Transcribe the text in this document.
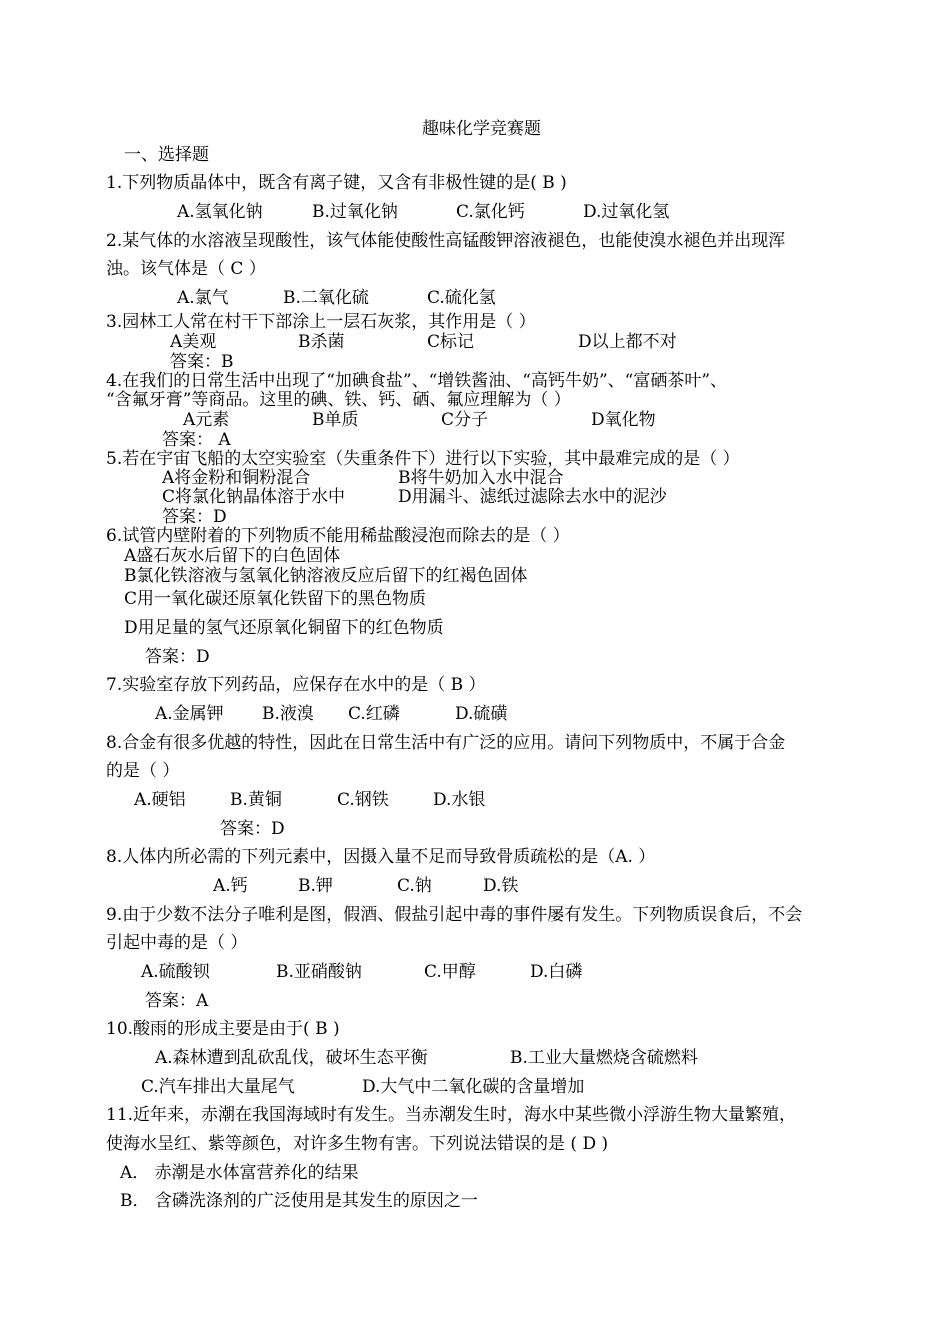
趣味化学竞赛题
一、选择题
1.下列物质晶体中，既含有离子键，又含有非极性键的是( B )
A.氢氧化钠	B.过氧化钠	C.氯化钙	D.过氧化氢
2.某气体的水溶液呈现酸性，该气体能使酸性高锰酸钾溶液褪色，也能使溴水褪色并出现浑
浊。该气体是（ C ）
A.氯气	B.二氧化硫	C.硫化氢
3.园林工人常在村干下部涂上一层石灰浆，其作用是（ ）
A美观	B杀菌	C标记	D以上都不对
答案：B
4.在我们的日常生活中出现了“加碘食盐”、“增铁酱油、“高钙牛奶”、“富硒茶叶”、
“含氟牙膏”等商品。这里的碘、铁、钙、硒、氟应理解为（ ）
A元素	B单质	C分子	D氧化物
答案： A
5.若在宇宙飞船的太空实验室（失重条件下）进行以下实验，其中最难完成的是（ ）
A将金粉和铜粉混合	B将牛奶加入水中混合
C将氯化钠晶体溶于水中	D用漏斗、滤纸过滤除去水中的泥沙
答案：D
6.试管内壁附着的下列物质不能用稀盐酸浸泡而除去的是（ ）
A盛石灰水后留下的白色固体
B氯化铁溶液与氢氧化钠溶液反应后留下的红褐色固体
C用一氧化碳还原氧化铁留下的黑色物质
D用足量的氢气还原氧化铜留下的红色物质
答案：D
7.实验室存放下列药品，应保存在水中的是（ B ）
A.金属钾 B.液溴 C.红磷	D.硫磺
8.合金有很多优越的特性，因此在日常生活中有广泛的应用。请问下列物质中，不属于合金
的是（ ）
A.硬铝	B.黄铜	C.钢铁	D.水银
答案：D
8.人体内所必需的下列元素中，因摄入量不足而导致骨质疏松的是（A. ）
A.钙	B.钾	C.钠	D.铁
9.由于少数不法分子唯利是图，假酒、假盐引起中毒的事件屡有发生。下列物质误食后，不会
引起中毒的是（ ）
A.硫酸钡	B.亚硝酸钠	C.甲醇	D.白磷
答案：A
10.酸雨的形成主要是由于( B )
A.森林遭到乱砍乱伐，破坏生态平衡	B.工业大量燃烧含硫燃料
C.汽车排出大量尾气	D.大气中二氧化碳的含量增加
11.近年来，赤潮在我国海域时有发生。当赤潮发生时，海水中某些微小浮游生物大量繁殖，
使海水呈红、紫等颜色，对许多生物有害。下列说法错误的是 ( D )
A． 赤潮是水体富营养化的结果
B． 含磷洗涤剂的广泛使用是其发生的原因之一
